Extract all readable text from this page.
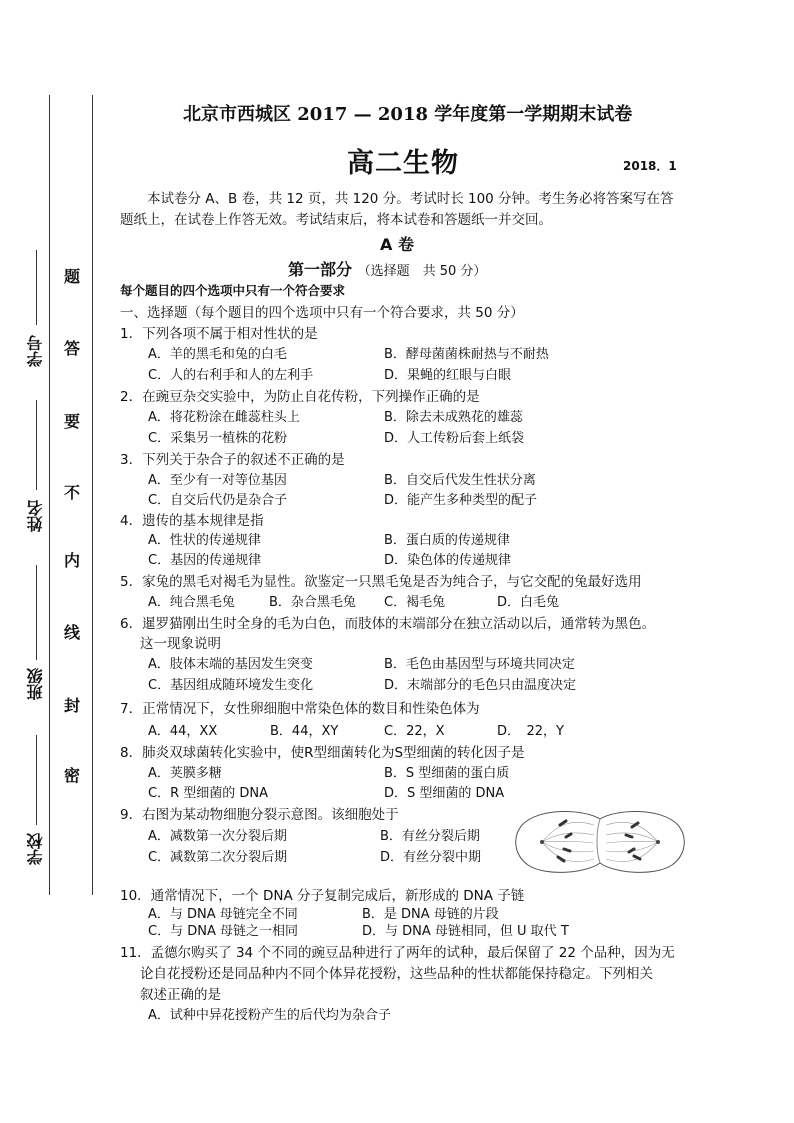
学号
姓名
班级
学校
题
答
要
不
内
线
封
密
北京市西城区 2017 — 2018 学年度第一学期期末试卷
高二生物	2018．1
本试卷分 A、B 卷，共 12 页，共 120 分。考试时长 100 分钟。考生务必将答案写在答
题纸上，在试卷上作答无效。考试结束后，将本试卷和答题纸一并交回。
A 卷
第一部分 （选择题　共 50 分）
每个题目的四个选项中只有一个符合要求
一、选择题（每个题目的四个选项中只有一个符合要求，共 50 分）
1．下列各项不属于相对性状的是
A．羊的黑毛和兔的白毛	B．酵母菌菌株耐热与不耐热
C．人的右利手和人的左利手	D．果蝇的红眼与白眼
2．在豌豆杂交实验中，为防止自花传粉，下列操作正确的是
A．将花粉涂在雌蕊柱头上	B．除去未成熟花的雄蕊
C．采集另一植株的花粉	D．人工传粉后套上纸袋
3．下列关于杂合子的叙述不正确的是
A．至少有一对等位基因	B．自交后代发生性状分离
C．自交后代仍是杂合子	D．能产生多种类型的配子
4．遗传的基本规律是指
A．性状的传递规律	B．蛋白质的传递规律
C．基因的传递规律	D．染色体的传递规律
5．家兔的黑毛对褐毛为显性。欲鉴定一只黑毛兔是否为纯合子，与它交配的兔最好选用
A．纯合黑毛兔	B．杂合黑毛兔 C．褐毛兔	D．白毛兔
6．暹罗猫刚出生时全身的毛为白色，而肢体的末端部分在独立活动以后，通常转为黑色。
这一现象说明
A．肢体末端的基因发生突变	B．毛色由基因型与环境共同决定
C．基因组成随环境发生变化	D．末端部分的毛色只由温度决定
7．正常情况下，女性卵细胞中常染色体的数目和性染色体为
A．44，XX	B．44，XY	C．22，X	D．　22，Y
8．肺炎双球菌转化实验中，使R型细菌转化为S型细菌的转化因子是
A．荚膜多糖	B．S 型细菌的蛋白质
C．R 型细菌的 DNA	D．S 型细菌的 DNA
9．右图为某动物细胞分裂示意图。该细胞处于
A．减数第一次分裂后期	B．有丝分裂后期
C．减数第二次分裂后期	D．有丝分裂中期
10．通常情况下，一个 DNA 分子复制完成后，新形成的 DNA 子链
A．与 DNA 母链完全不同	B．是 DNA 母链的片段
C．与 DNA 母链之一相同	D．与 DNA 母链相同，但 U 取代 T
11．孟德尔购买了 34 个不同的豌豆品种进行了两年的试种，最后保留了 22 个品种，因为无
论自花授粉还是同品种内不同个体异花授粉，这些品种的性状都能保持稳定。下列相关
叙述正确的是
A．试种中异花授粉产生的后代均为杂合子
